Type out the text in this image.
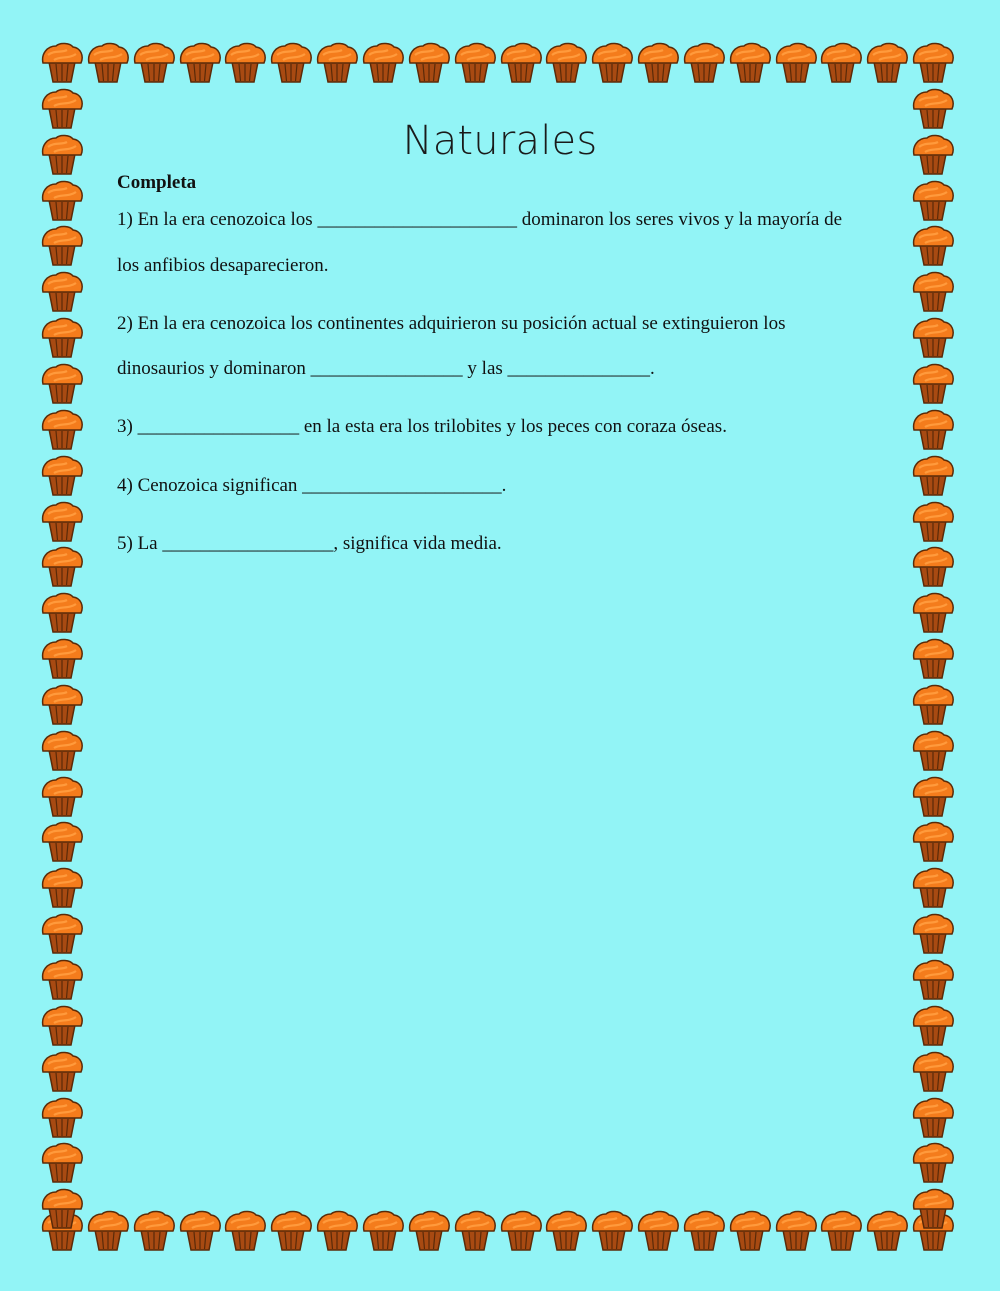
Naturales
Completa
1) En la era cenozoica los _____________________ dominaron los seres vivos y la mayoría de
los anfibios desaparecieron.
2) En la era cenozoica los continentes adquirieron su posición actual se extinguieron los
dinosaurios y dominaron ________________ y las _______________.
3) _________________ en la esta era los trilobites y los peces con coraza óseas.
4) Cenozoica significan _____________________.
5) La __________________, significa vida media.
